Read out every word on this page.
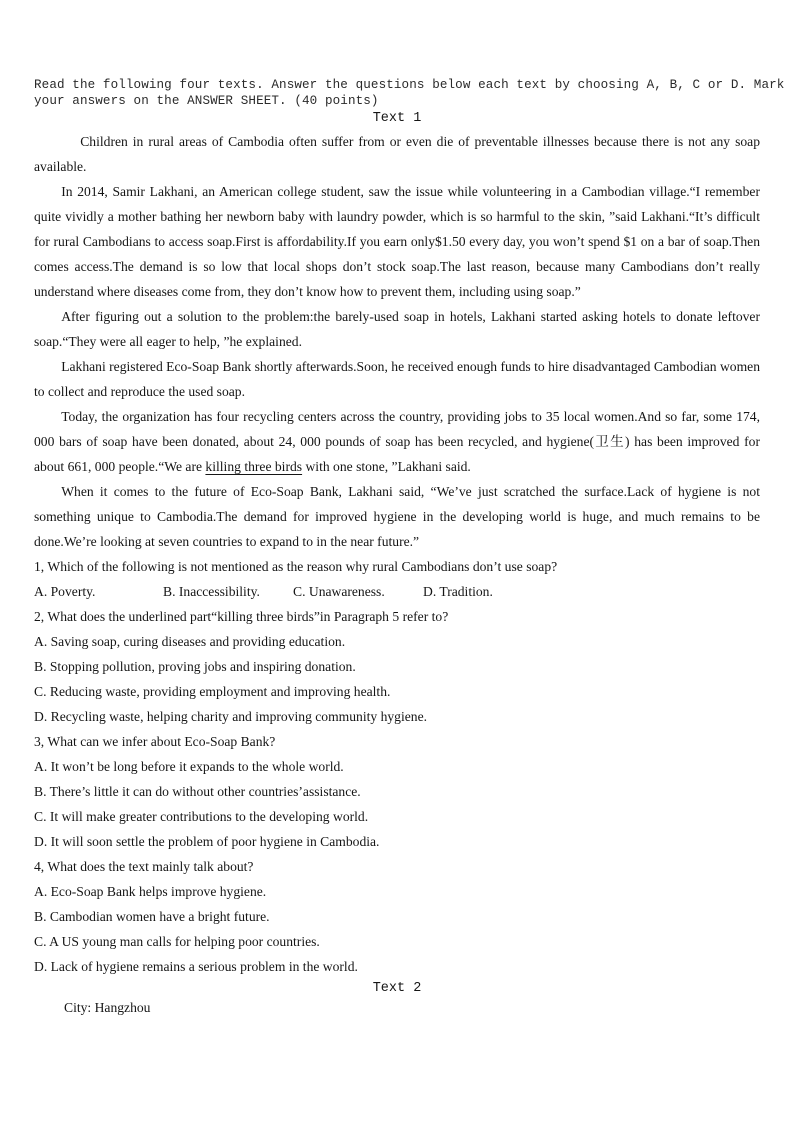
Read the following four texts. Answer the questions below each text by choosing A, B, C or D. Mark
your answers on the ANSWER SHEET. (40 points)
Text 1

Children in rural areas of Cambodia often suffer from or even die of preventable illnesses because there is not any soap available.

In 2014, Samir Lakhani, an American college student, saw the issue while volunteering in a Cambodian village.“I remember quite vividly a mother bathing her newborn baby with laundry powder, which is so harmful to the skin, ”said Lakhani.“It’s difficult for rural Cambodians to access soap.First is affordability.If you earn only$1.50 every day, you won’t spend $1 on a bar of soap.Then comes access.The demand is so low that local shops don’t stock soap.The last reason, because many Cambodians don’t really understand where diseases come from, they don’t know how to prevent them, including using soap.”

After figuring out a solution to the problem:the barely-used soap in hotels, Lakhani started asking hotels to donate leftover soap.“They were all eager to help, ”he explained.

Lakhani registered Eco-Soap Bank shortly afterwards.Soon, he received enough funds to hire disadvantaged Cambodian women to collect and reproduce the used soap.

Today, the organization has four recycling centers across the country, providing jobs to 35 local women.And so far, some 174, 000 bars of soap have been donated, about 24, 000 pounds of soap has been recycled, and hygiene(卫生) has been improved for about 661, 000 people.“We are killing three birds with one stone, ”Lakhani said.

When it comes to the future of Eco-Soap Bank, Lakhani said, “We’ve just scratched the surface.Lack of hygiene is not something unique to Cambodia.The demand for improved hygiene in the developing world is huge, and much remains to be done.We’re looking at seven countries to expand to in the near future.”

1, Which of the following is not mentioned as the reason why rural Cambodians don’t use soap?
A. Poverty.	B. Inaccessibility.	C. Unawareness.	D. Tradition.
2, What does the underlined part“killing three birds”in Paragraph 5 refer to?
A. Saving soap, curing diseases and providing education.
B. Stopping pollution, proving jobs and inspiring donation.
C. Reducing waste, providing employment and improving health.
D. Recycling waste, helping charity and improving community hygiene.
3, What can we infer about Eco-Soap Bank?
A. It won’t be long before it expands to the whole world.
B. There’s little it can do without other countries’assistance.
C. It will make greater contributions to the developing world.
D. It will soon settle the problem of poor hygiene in Cambodia.
4, What does the text mainly talk about?
A. Eco-Soap Bank helps improve hygiene.
B. Cambodian women have a bright future.
C. A US young man calls for helping poor countries.
D. Lack of hygiene remains a serious problem in the world.
Text 2
City: Hangzhou
